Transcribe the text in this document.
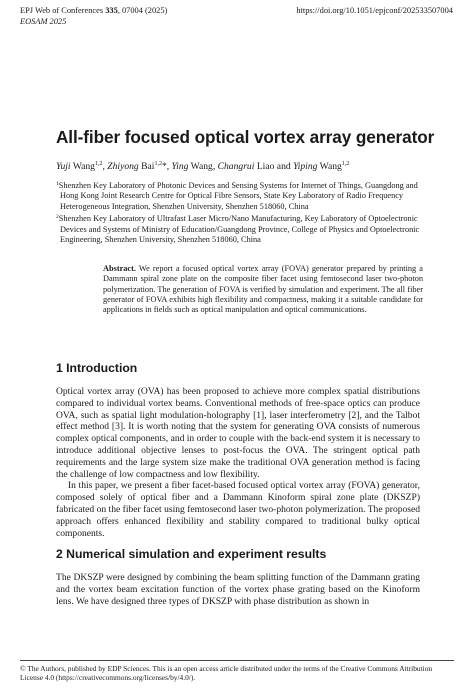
EPJ Web of Conferences 335, 07004 (2025)
EOSAM 2025
https://doi.org/10.1051/epjconf/202533507004
All-fiber focused optical vortex array generator
Yuji Wang$^{1,2}$, Zhiyong Bai$^{1,2}$*, Ying Wang, Changrui Liao and Yiping Wang$^{1,2}$
$^1$Shenzhen Key Laboratory of Photonic Devices and Sensing Systems for Internet of Things, Guangdong and Hong Kong Joint Research Centre for Optical Fibre Sensors, State Key Laboratory of Radio Frequency Heterogeneous Integration, Shenzhen University, Shenzhen 518060, China
$^2$Shenzhen Key Laboratory of Ultrafast Laser Micro/Nano Manufacturing, Key Laboratory of Optoelectronic Devices and Systems of Ministry of Education/Guangdong Province, College of Physics and Optoelectronic Engineering, Shenzhen University, Shenzhen 518060, China
Abstract. We report a focused optical vortex array (FOVA) generator prepared by printing a Dammann spiral zone plate on the composite fiber facet using femtosecond laser two-photon polymerization. The generation of FOVA is verified by simulation and experiment. The all fiber generator of FOVA exhibits high flexibility and compactness, making it a suitable candidate for applications in fields such as optical manipulation and optical communications.
1 Introduction

Optical vortex array (OVA) has been proposed to achieve more complex spatial distributions compared to individual vortex beams. Conventional methods of free-space optics can produce OVA, such as spatial light modulation-holography [1], laser interferometry [2], and the Talbot effect method [3]. It is worth noting that the system for generating OVA consists of numerous complex optical components, and in order to couple with the back-end system it is necessary to introduce additional objective lenses to post-focus the OVA. The stringent optical path requirements and the large system size make the traditional OVA generation method is facing the challenge of low compactness and low flexibility.

In this paper, we present a fiber facet-based focused optical vortex array (FOVA) generator, composed solely of optical fiber and a Dammann Kinoform spiral zone plate (DKSZP) fabricated on the fiber facet using femtosecond laser two-photon polymerization. The proposed approach offers enhanced flexibility and stability compared to traditional bulky optical components.

2 Numerical simulation and experiment results

The DKSZP were designed by combining the beam splitting function of the Dammann grating and the vortex beam excitation function of the vortex phase grating based on the Kinoform lens. We have designed three types of DKSZP with phase distribution as shown in

© The Authors, published by EDP Sciences. This is an open access article distributed under the terms of the Creative Commons Attribution License 4.0 (https://creativecommons.org/licenses/by/4.0/).
